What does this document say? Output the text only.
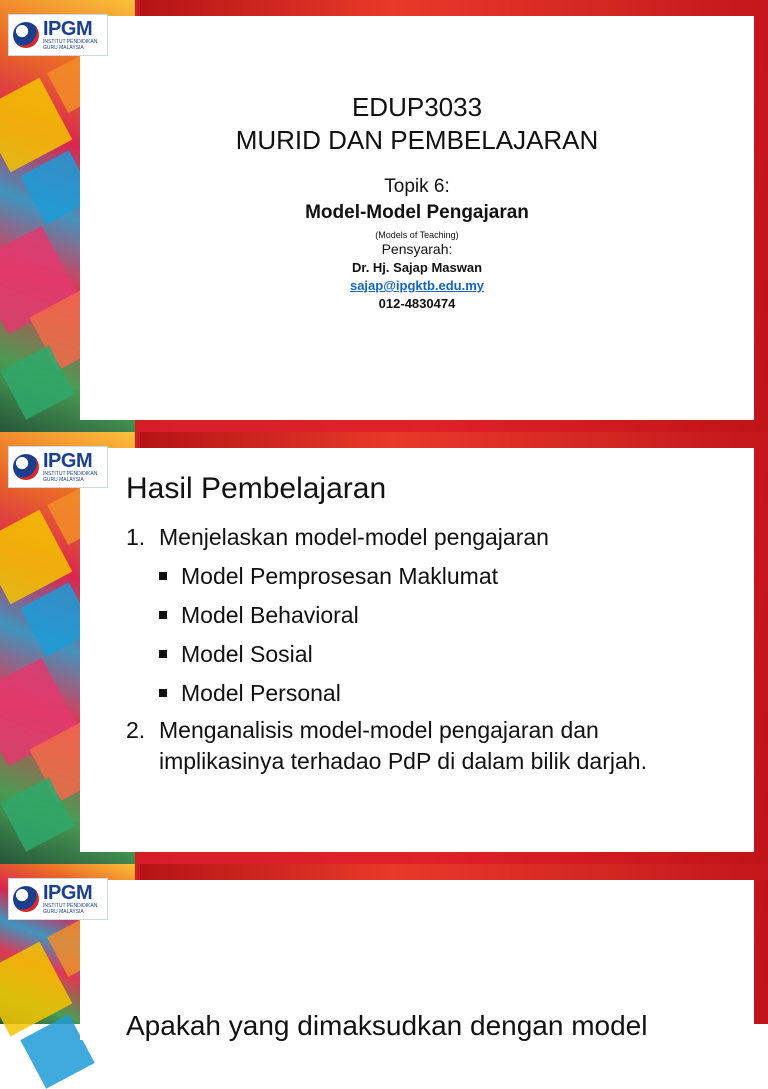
IPGM
INSTITUT PENDIDIKAN
GURU MALAYSIA
EDUP3033
MURID DAN PEMBELAJARAN
Topik 6:
Model-Model Pengajaran
(Models of Teaching)
Pensyarah:
Dr. Hj. Sajap Maswan
sajap@ipgktb.edu.my
012-4830474
IPGM
INSTITUT PENDIDIKAN
GURU MALAYSIA	Hasil Pembelajaran
1. Menjelaskan model-model pengajaran
Model Pemprosesan Maklumat
Model Behavioral
Model Sosial
Model Personal
2. Menganalisis model-model pengajaran dan
implikasinya terhadao PdP di dalam bilik darjah.
IPGM
INSTITUT PENDIDIKAN
GURU MALAYSIA
Apakah yang dimaksudkan dengan model
